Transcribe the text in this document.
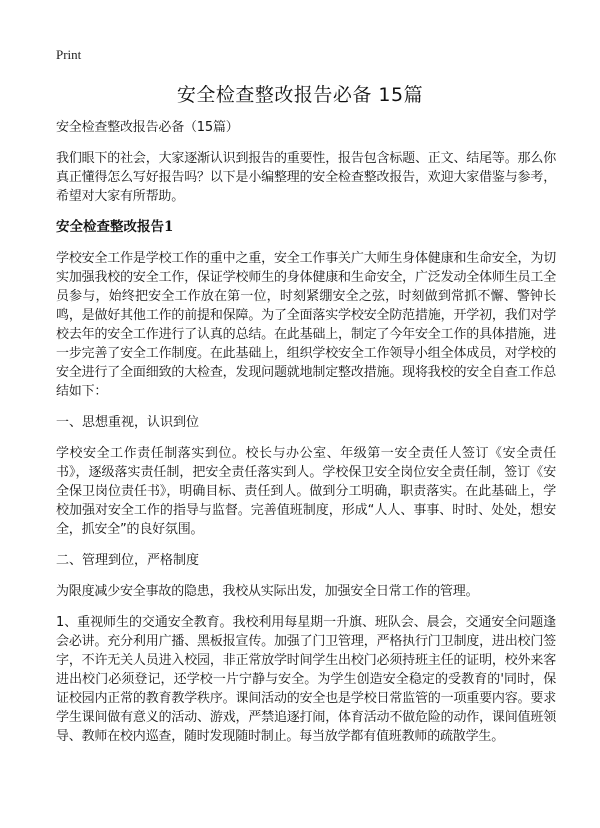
Print
安全检查整改报告必备 15篇

安全检查整改报告必备（15篇）

我们眼下的社会，大家逐渐认识到报告的重要性，报告包含标题、正文、结尾等。那么你真正懂得怎么写好报告吗？以下是小编整理的安全检查整改报告，欢迎大家借鉴与参考，希望对大家有所帮助。

安全检查整改报告1

学校安全工作是学校工作的重中之重，安全工作事关广大师生身体健康和生命安全，为切实加强我校的安全工作，保证学校师生的身体健康和生命安全，广泛发动全体师生员工全员参与，始终把安全工作放在第一位，时刻紧绷安全之弦，时刻做到常抓不懈、警钟长鸣，是做好其他工作的前提和保障。为了全面落实学校安全防范措施，开学初，我们对学校去年的安全工作进行了认真的总结。在此基础上，制定了今年安全工作的具体措施，进一步完善了安全工作制度。在此基础上，组织学校安全工作领导小组全体成员，对学校的安全进行了全面细致的大检查，发现问题就地制定整改措施。现将我校的安全自查工作总结如下：

一、思想重视，认识到位

学校安全工作责任制落实到位。校长与办公室、年级第一安全责任人签订《安全责任书》，逐级落实责任制，把安全责任落实到人。学校保卫安全岗位安全责任制，签订《安全保卫岗位责任书》，明确目标、责任到人。做到分工明确，职责落实。在此基础上，学校加强对安全工作的指导与监督。完善值班制度，形成“人人、事事、时时、处处，想安全，抓安全”的良好氛围。

二、管理到位，严格制度

为限度减少安全事故的隐患，我校从实际出发，加强安全日常工作的管理。

1、重视师生的交通安全教育。我校利用每星期一升旗、班队会、晨会，交通安全问题逢会必讲。充分利用广播、黑板报宣传。加强了门卫管理，严格执行门卫制度，进出校门签字，不许无关人员进入校园，非正常放学时间学生出校门必须持班主任的证明，校外来客进出校门必须登记，还学校一片宁静与安全。为学生创造安全稳定的受教育的'同时，保证校园内正常的教育教学秩序。课间活动的安全也是学校日常监管的一项重要内容。要求学生课间做有意义的活动、游戏，严禁追逐打闹，体育活动不做危险的动作，课间值班领导、教师在校内巡查，随时发现随时制止。每当放学都有值班教师的疏散学生。
